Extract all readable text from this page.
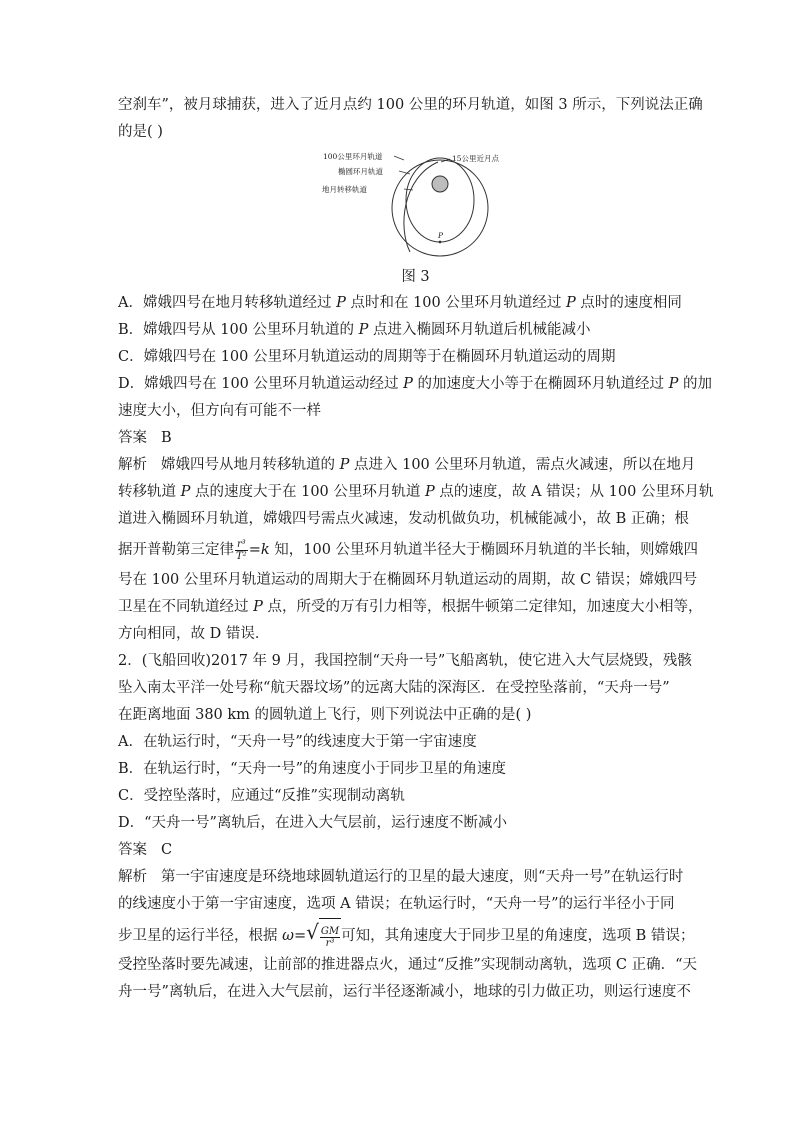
空刹车”，被月球捕获，进入了近月点约 100 公里的环月轨道，如图 3 所示，下列说法正确
的是( )
100公里环月轨道
椭圆环月轨道
地月转移轨道
15公里近月点
P
图 3
A．嫦娥四号在地月转移轨道经过 P 点时和在 100 公里环月轨道经过 P 点时的速度相同
B．嫦娥四号从 100 公里环月轨道的 P 点进入椭圆环月轨道后机械能减小
C．嫦娥四号在 100 公里环月轨道运动的周期等于在椭圆环月轨道运动的周期
D．嫦娥四号在 100 公里环月轨道运动经过 P 的加速度大小等于在椭圆环月轨道经过 P 的加
速度大小，但方向有可能不一样
答案 B
解析 嫦娥四号从地月转移轨道的 P 点进入 100 公里环月轨道，需点火减速，所以在地月
转移轨道 P 点的速度大于在 100 公里环月轨道 P 点的速度，故 A 错误；从 100 公里环月轨
道进入椭圆环月轨道，嫦娥四号需点火减速，发动机做负功，机械能减小，故 B 正确；根
据开普勒第三定律 $\frac{\text{r³}}{\text{T²}} =k$ 知，100 公里环月轨道半径大于椭圆环月轨道的半长轴，则嫦娥四
号在 100 公里环月轨道运动的周期大于在椭圆环月轨道运动的周期，故 C 错误；嫦娥四号
卫星在不同轨道经过 P 点，所受的万有引力相等，根据牛顿第二定律知，加速度大小相等，
方向相同，故 D 错误．
2．(飞船回收)2017 年 9 月，我国控制“天舟一号”飞船离轨，使它进入大气层烧毁，残骸
坠入南太平洋一处号称“航天器坟场”的远离大陆的深海区．在受控坠落前，“天舟一号”
在距离地面 380 km 的圆轨道上飞行，则下列说法中正确的是( )
A．在轨运行时，“天舟一号”的线速度大于第一宇宙速度
B．在轨运行时，“天舟一号”的角速度小于同步卫星的角速度
C．受控坠落时，应通过“反推”实现制动离轨
D．“天舟一号”离轨后，在进入大气层前，运行速度不断减小
答案 C
解析 第一宇宙速度是环绕地球圆轨道运行的卫星的最大速度，则“天舟一号”在轨运行时
的线速度小于第一宇宙速度，选项 A 错误；在轨运行时，“天舟一号”的运行半径小于同
步卫星的运行半径，根据 ω= √ $\frac{GM}{\text{r³}}$ 可知，其角速度大于同步卫星的角速度，选项 B 错误；
受控坠落时要先减速，让前部的推进器点火，通过“反推”实现制动离轨，选项 C 正确．“天
舟一号”离轨后，在进入大气层前，运行半径逐渐减小，地球的引力做正功，则运行速度不
